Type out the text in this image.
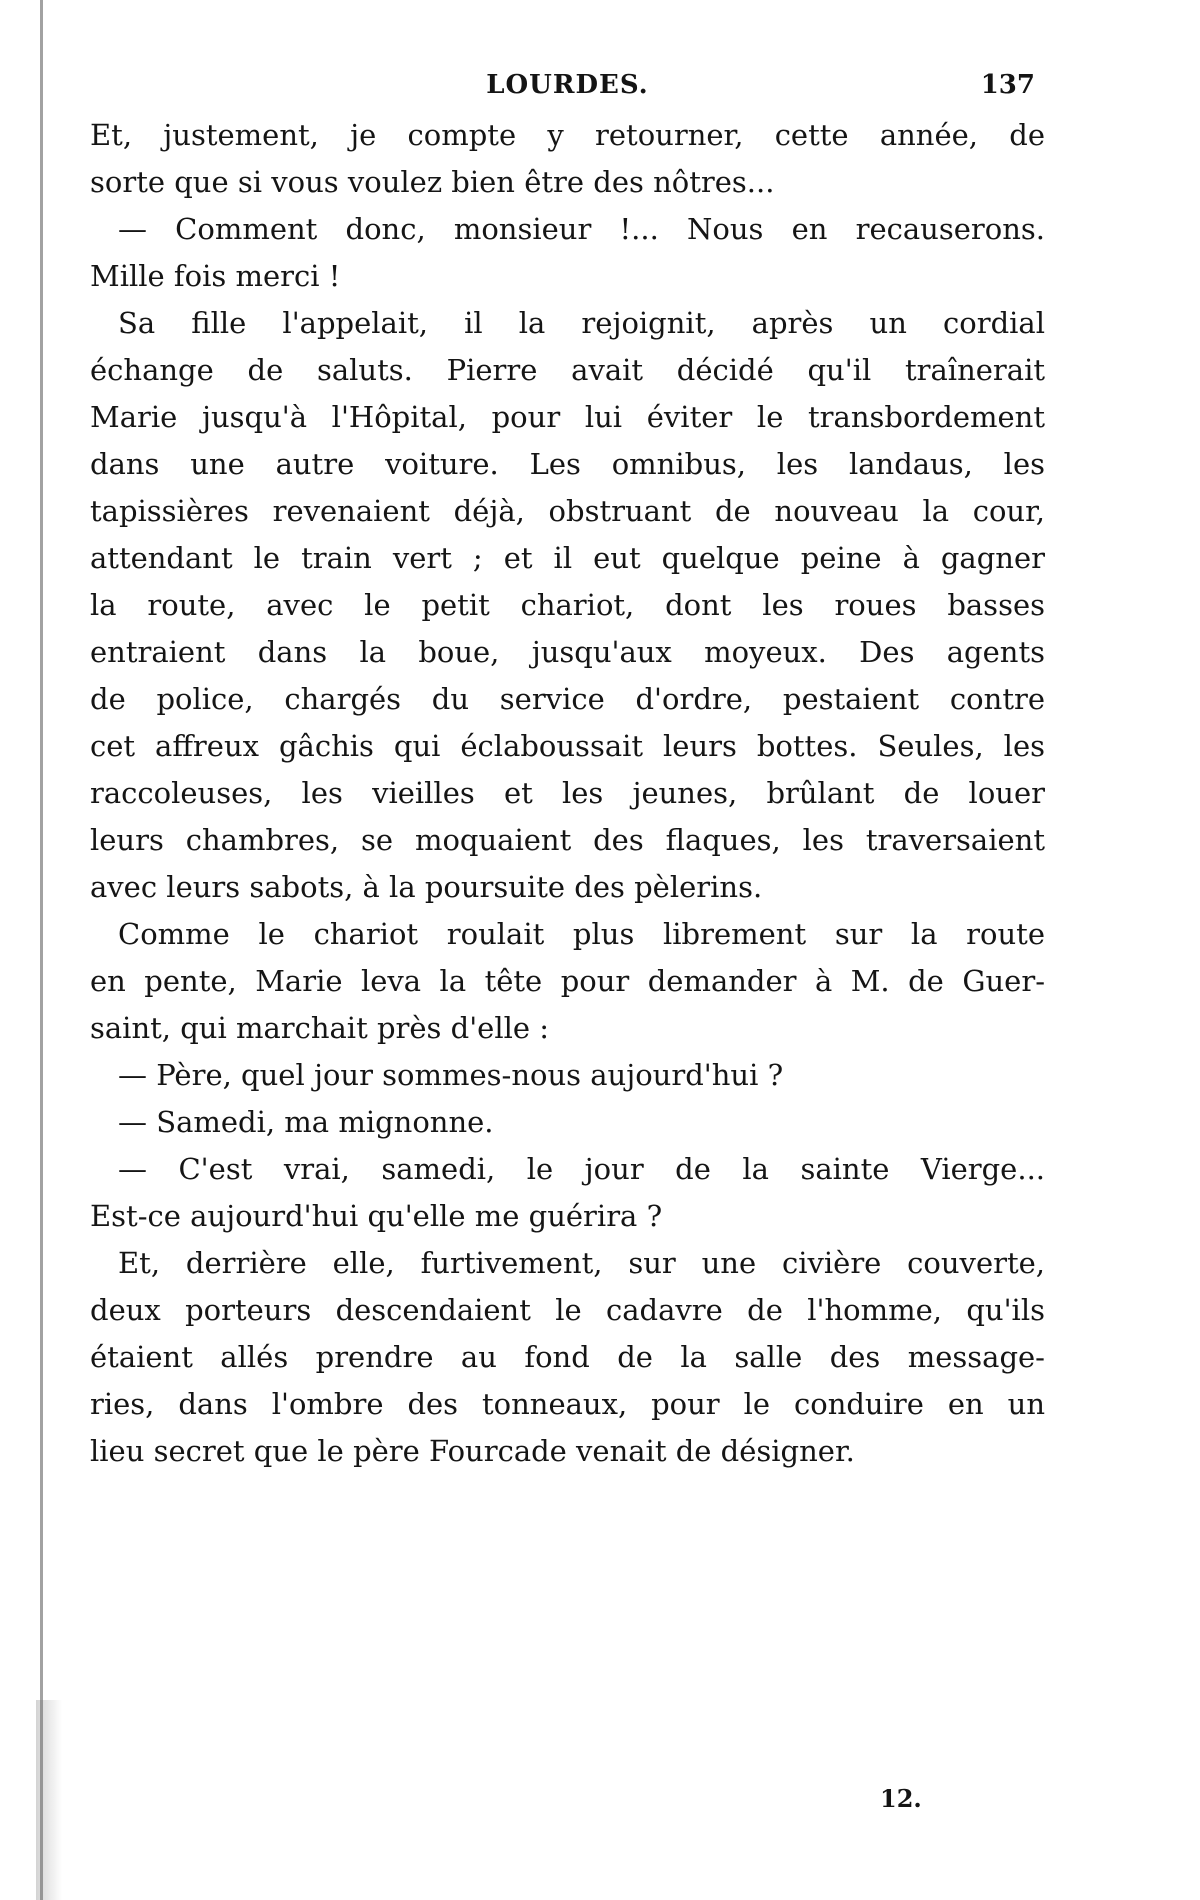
LOURDES.	137
Et, justement, je compte y retourner, cette année, de
sorte que si vous voulez bien être des nôtres...
— Comment donc, monsieur !... Nous en recauserons.
Mille fois merci !
Sa fille l'appelait, il la rejoignit, après un cordial
échange de saluts. Pierre avait décidé qu'il traînerait
Marie jusqu'à l'Hôpital, pour lui éviter le transbordement
dans une autre voiture. Les omnibus, les landaus, les
tapissières revenaient déjà, obstruant de nouveau la cour,
attendant le train vert ; et il eut quelque peine à gagner
la route, avec le petit chariot, dont les roues basses
entraient dans la boue, jusqu'aux moyeux. Des agents
de police, chargés du service d'ordre, pestaient contre
cet affreux gâchis qui éclaboussait leurs bottes. Seules, les
raccoleuses, les vieilles et les jeunes, brûlant de louer
leurs chambres, se moquaient des flaques, les traversaient
avec leurs sabots, à la poursuite des pèlerins.
Comme le chariot roulait plus librement sur la route
en pente, Marie leva la tête pour demander à M. de Guer-
saint, qui marchait près d'elle :
— Père, quel jour sommes-nous aujourd'hui ?
— Samedi, ma mignonne.
— C'est vrai, samedi, le jour de la sainte Vierge...
Est-ce aujourd'hui qu'elle me guérira ?
Et, derrière elle, furtivement, sur une civière couverte,
deux porteurs descendaient le cadavre de l'homme, qu'ils
étaient allés prendre au fond de la salle des message-
ries, dans l'ombre des tonneaux, pour le conduire en un
lieu secret que le père Fourcade venait de désigner.
12.
